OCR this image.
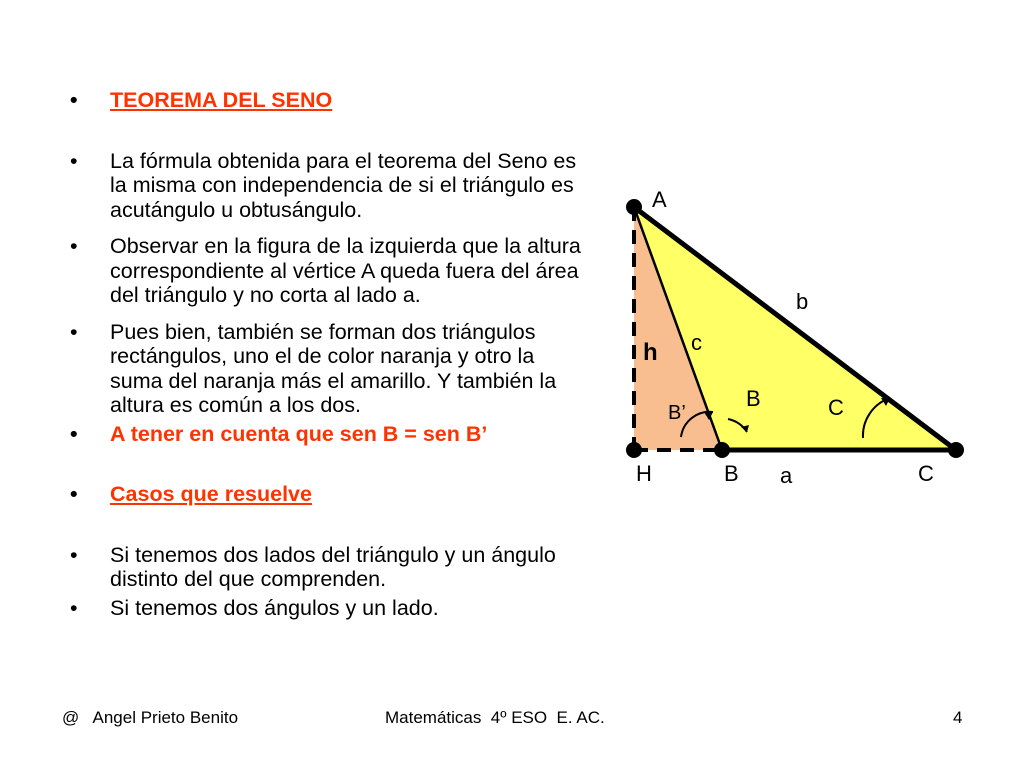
• TEOREMA DEL SENO
• La fórmula obtenida para el teorema del Seno es la misma con independencia de si el triángulo es acutángulo u obtusángulo.
• Observar en la figura de la izquierda que la altura correspondiente al vértice A queda fuera del área del triángulo y no corta al lado a.
• Pues bien, también se forman dos triángulos rectángulos, uno el de color naranja y otro la suma del naranja más el amarillo. Y también la altura es común a los dos.
• A tener en cuenta que sen B = sen B’
• Casos que resuelve
• Si tenemos dos lados del triángulo y un ángulo distinto del que comprenden.
• Si tenemos dos ángulos y un lado.
A
b
c
h
B
B’	C
H	B a	C
@   Angel Prieto Benito	Matemáticas  4º ESO  E. AC.	4
